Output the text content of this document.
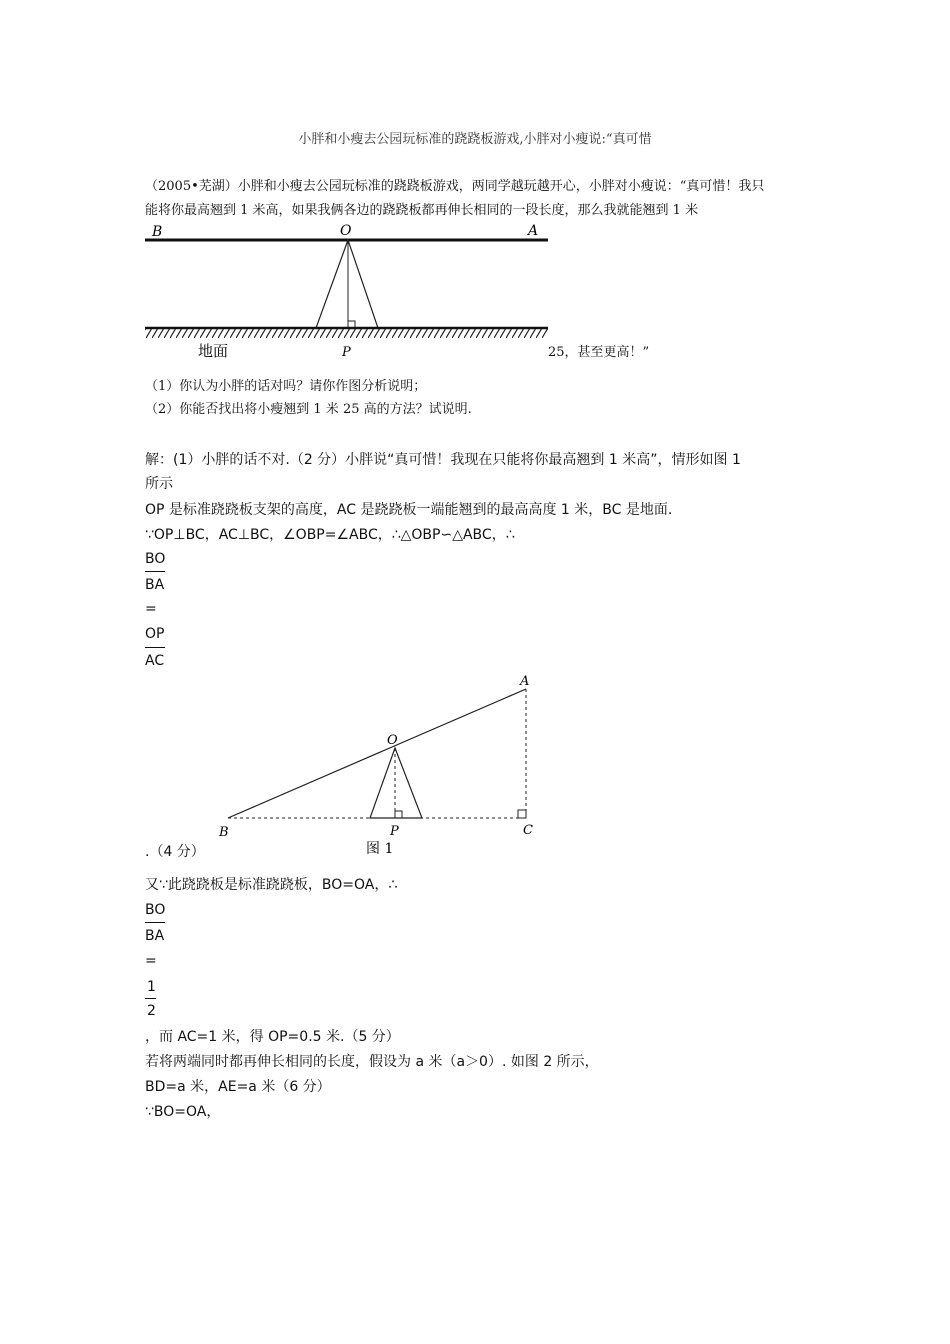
小胖和小瘦去公园玩标准的跷跷板游戏,小胖对小瘦说:“真可惜
（2005•芜湖）小胖和小瘦去公园玩标准的跷跷板游戏，两同学越玩越开心，小胖对小瘦说：“真可惜！我只
能将你最高翘到 1 米高，如果我俩各边的跷跷板都再伸长相同的一段长度，那么我就能翘到 1 米
B	O	A
P
地面	25，甚至更高！”
（1）你认为小胖的话对吗？请你作图分析说明；
（2）你能否找出将小瘦翘到 1 米 25 高的方法？试说明.
解：(1）小胖的话不对.（2 分）小胖说“真可惜！我现在只能将你最高翘到 1 米高”，情形如图 1
所示
OP 是标准跷跷板支架的高度，AC 是跷跷板一端能翘到的最高高度 1 米，BC 是地面.
∵OP⊥BC，AC⊥BC，∠OBP=∠ABC，∴△OBP∽△ABC，∴
BO
BA
=
OP
AC
A
O
B	P	C
图 1
.（4 分）
又∵此跷跷板是标准跷跷板，BO=OA，∴
BO
BA
=
1
2
，而 AC=1 米，得 OP=0.5 米.（5 分）
若将两端同时都再伸长相同的长度，假设为 a 米（a＞0）. 如图 2 所示，
BD=a 米，AE=a 米（6 分）
∵BO=OA，
